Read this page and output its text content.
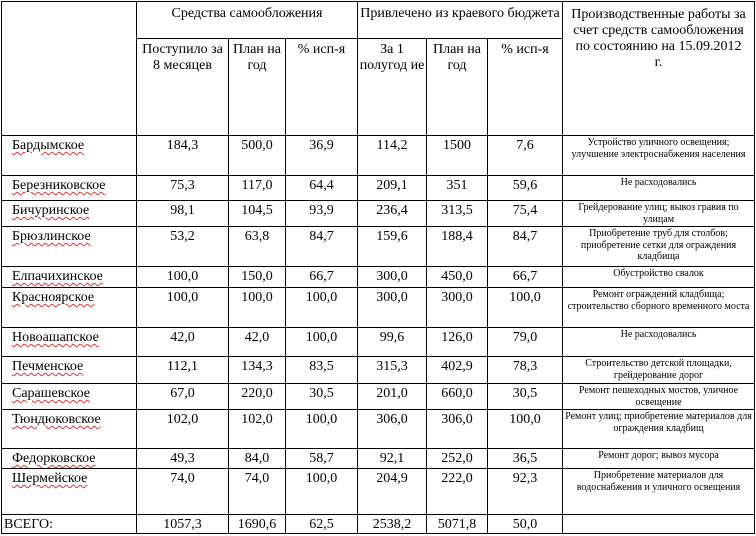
	Средства самообложения			Привлечено из краевого бюджета			Производственные работы за счет средств самообложения по состоянию на 15.09.2012 г.
	Поступило за 8 месяцев	План на год	% исп-я	За 1 полугод ие	План на год	% исп-я	
Бардымское	184,3	500,0	36,9	114,2	1500	7,6	Устройство уличного освещения; улучшение электроснабжения населения
Березниковское	75,3	117,0	64,4	209,1	351	59,6	Не расходовались
Бичуринское	98,1	104,5	93,9	236,4	313,5	75,4	Грейдерование улиц; вывоз гравия по улицам
Брюзлинское	53,2	63,8	84,7	159,6	188,4	84,7	Приобретение труб для столбов; приобретение сетки для ограждения кладбища
Елпачихинское	100,0	150,0	66,7	300,0	450,0	66,7	Обустройство свалок
Красноярское	100,0	100,0	100,0	300,0	300,0	100,0	Ремонт ограждений кладбища; строительство сборного временного моста
Новоашапское	42,0	42,0	100,0	99,6	126,0	79,0	Не расходовались
Печменское	112,1	134,3	83,5	315,3	402,9	78,3	Строительство детской площадки, грейдерование дорог
Сарашевское	67,0	220,0	30,5	201,0	660,0	30,5	Ремонт пешеходных мостов, уличное освещение
Тюндюковское	102,0	102,0	100,0	306,0	306,0	100,0	Ремонт улиц; приобретение материалов для ограждения кладбищ
Федорковское	49,3	84,0	58,7	92,1	252,0	36,5	Ремонт дорог; вывоз мусора
Шермейское	74,0	74,0	100,0	204,9	222,0	92,3	Приобретение материалов для водоснабжения и уличного освещения
ВСЕГО:	1057,3	1690,6	62,5	2538,2	5071,8	50,0	
